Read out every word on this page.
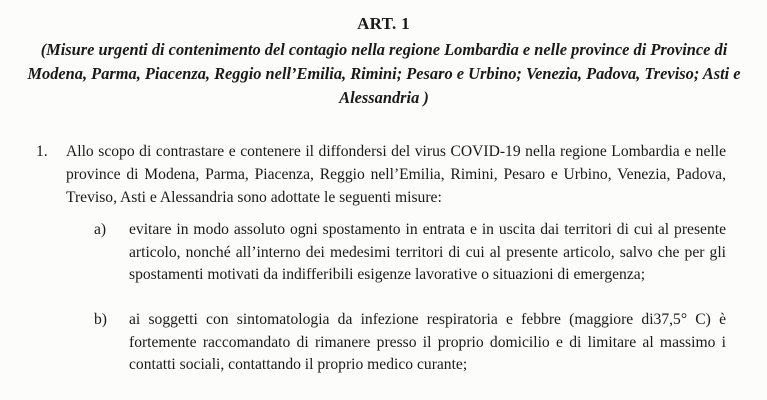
ART. 1
(Misure urgenti di contenimento del contagio nella regione Lombardia e nelle province di Province di Modena, Parma, Piacenza, Reggio nell’Emilia, Rimini; Pesaro e Urbino; Venezia, Padova, Treviso; Asti e Alessandria )
1. Allo scopo di contrastare e contenere il diffondersi del virus COVID-19 nella regione Lombardia e nelle province di Modena, Parma, Piacenza, Reggio nell’Emilia, Rimini, Pesaro e Urbino, Venezia, Padova, Treviso, Asti e Alessandria sono adottate le seguenti misure:
a) evitare in modo assoluto ogni spostamento in entrata e in uscita dai territori di cui al presente articolo, nonché all’interno dei medesimi territori di cui al presente articolo, salvo che per gli spostamenti motivati da indifferibili esigenze lavorative o situazioni di emergenza;
b) ai soggetti con sintomatologia da infezione respiratoria e febbre (maggiore di37,5° C) è fortemente raccomandato di rimanere presso il proprio domicilio e di limitare al massimo i contatti sociali, contattando il proprio medico curante;
